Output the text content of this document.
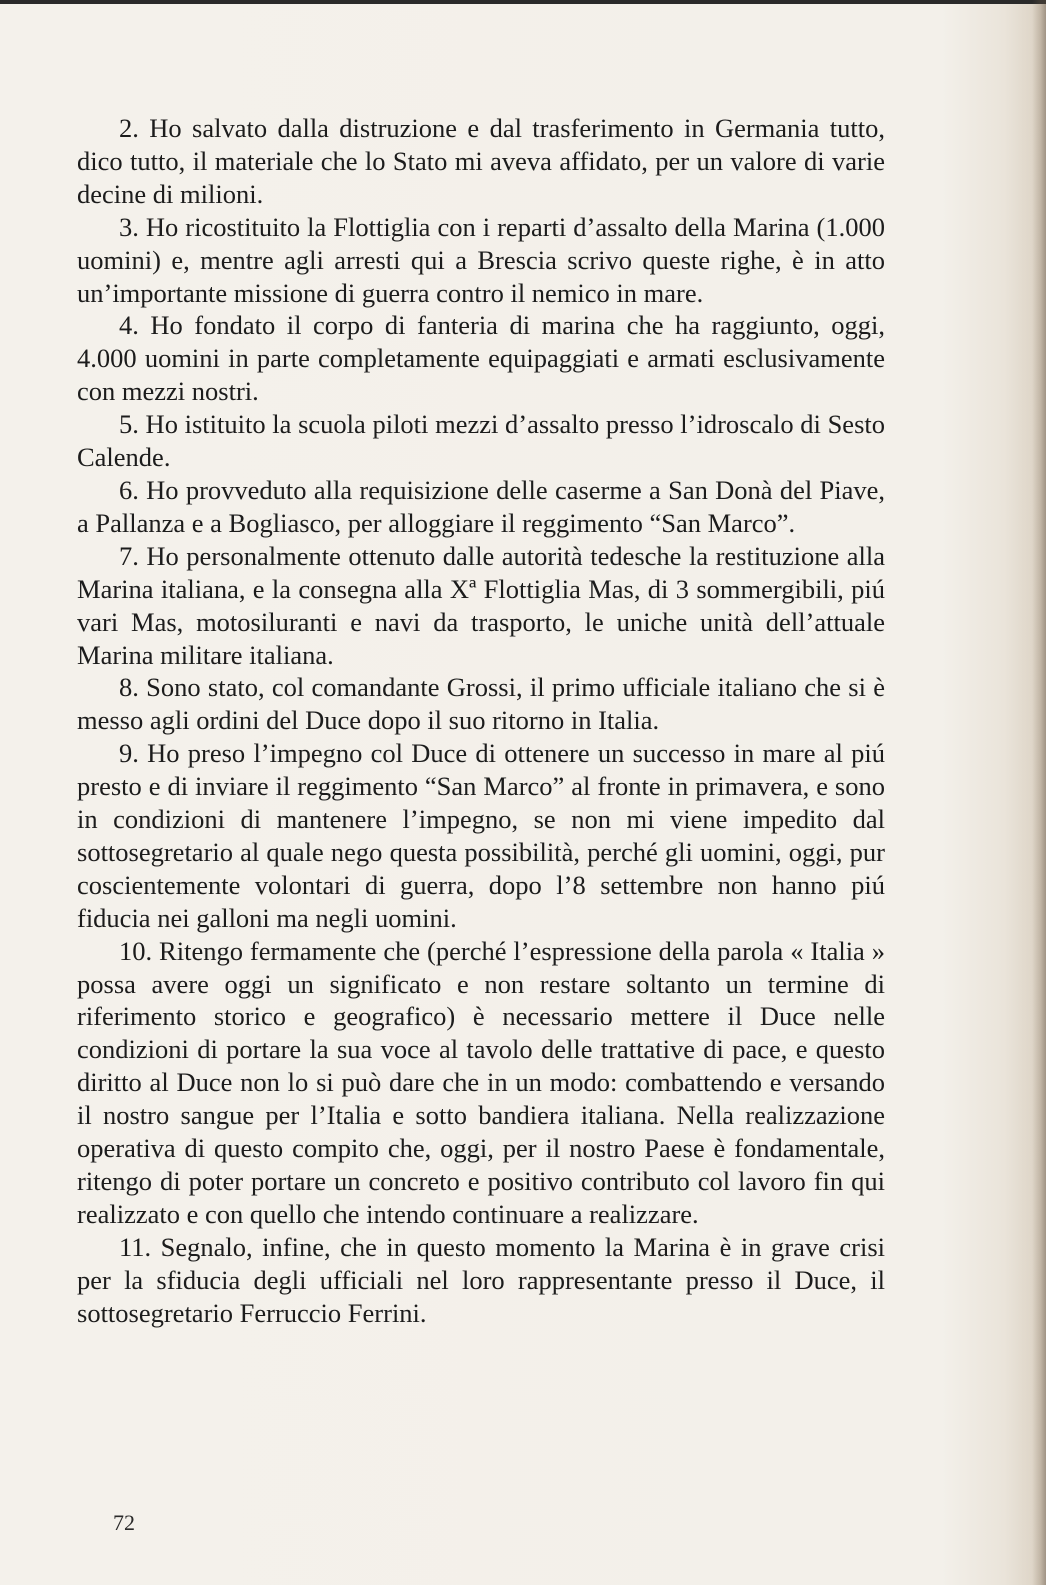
2. Ho salvato dalla distruzione e dal trasferimento in Germania tutto, dico tutto, il materiale che lo Stato mi aveva affidato, per un valore di varie decine di milioni.

3. Ho ricostituito la Flottiglia con i reparti d’assalto della Marina (1.000 uomini) e, mentre agli arresti qui a Brescia scrivo queste righe, è in atto un’importante missione di guerra contro il nemico in mare.

4. Ho fondato il corpo di fanteria di marina che ha raggiunto, oggi, 4.000 uomini in parte completamente equipaggiati e armati esclusivamente con mezzi nostri.

5. Ho istituito la scuola piloti mezzi d’assalto presso l’idroscalo di Sesto Calende.

6. Ho provveduto alla requisizione delle caserme a San Donà del Piave, a Pallanza e a Bogliasco, per alloggiare il reggimento “San Marco”.

7. Ho personalmente ottenuto dalle autorità tedesche la restituzione alla Marina italiana, e la consegna alla Xª Flottiglia Mas, di 3 sommergibili, piú vari Mas, motosiluranti e navi da trasporto, le uniche unità dell’attuale Marina militare italiana.

8. Sono stato, col comandante Grossi, il primo ufficiale italiano che si è messo agli ordini del Duce dopo il suo ritorno in Italia.

9. Ho preso l’impegno col Duce di ottenere un successo in mare al piú presto e di inviare il reggimento “San Marco” al fronte in primavera, e sono in condizioni di mantenere l’impegno, se non mi viene impedito dal sottosegretario al quale nego questa possibilità, perché gli uomini, oggi, pur coscientemente volontari di guerra, dopo l’8 settembre non hanno piú fiducia nei galloni ma negli uomini.

10. Ritengo fermamente che (perché l’espressione della parola « Italia » possa avere oggi un significato e non restare soltanto un termine di riferimento storico e geografico) è necessario mettere il Duce nelle condizioni di portare la sua voce al tavolo delle trattative di pace, e questo diritto al Duce non lo si può dare che in un modo: combattendo e versando il nostro sangue per l’Italia e sotto bandiera italiana. Nella realizzazione operativa di questo compito che, oggi, per il nostro Paese è fondamentale, ritengo di poter portare un concreto e positivo contributo col lavoro fin qui realizzato e con quello che intendo continuare a realizzare.

11. Segnalo, infine, che in questo momento la Marina è in grave crisi per la sfiducia degli ufficiali nel loro rappresentante presso il Duce, il sottosegretario Ferruccio Ferrini.

72
